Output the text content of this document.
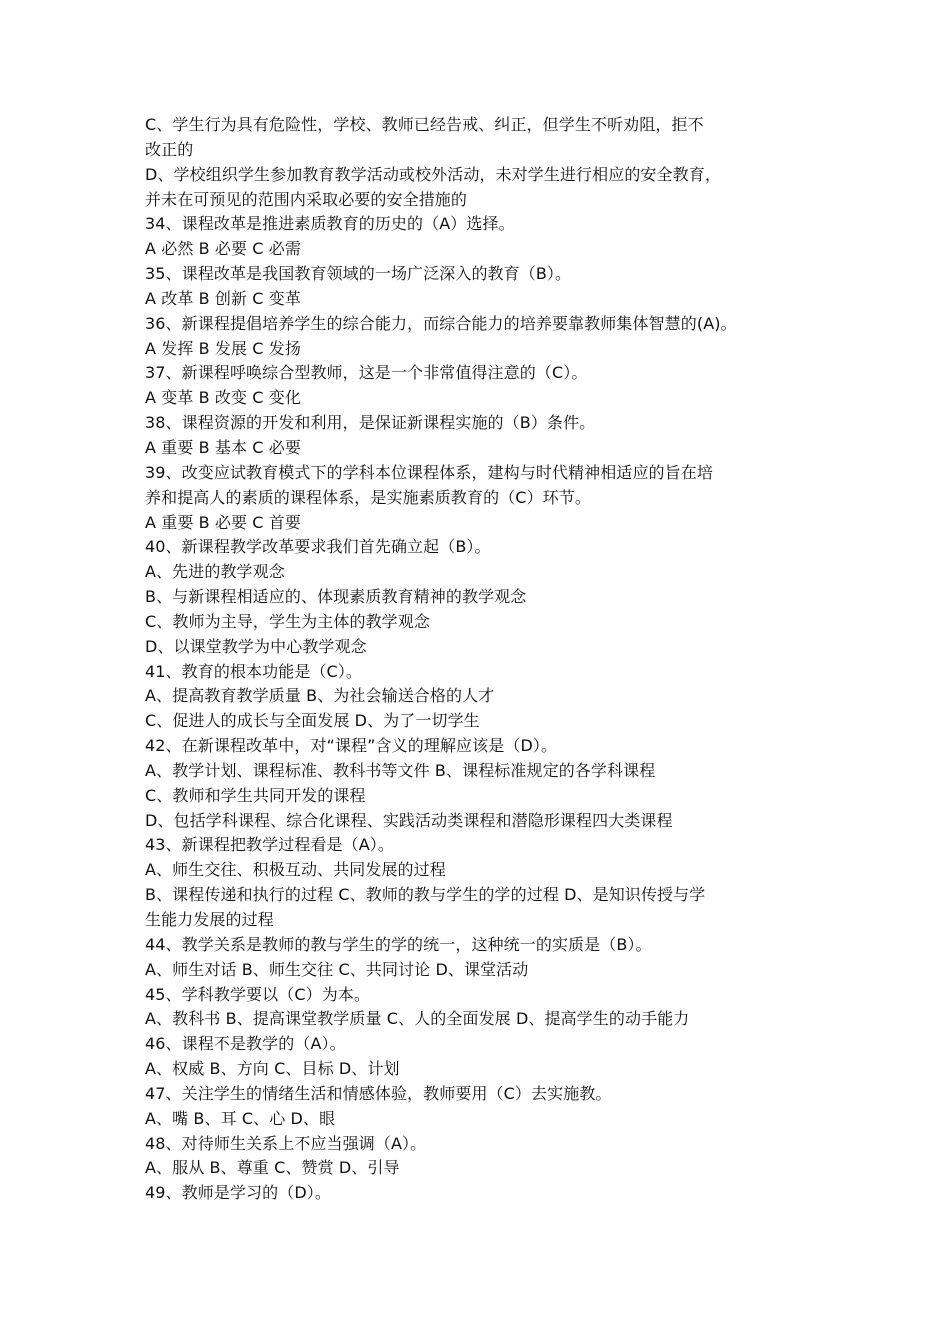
C、学生行为具有危险性，学校、教师已经告戒、纠正，但学生不听劝阻，拒不
改正的
D、学校组织学生参加教育教学活动或校外活动，未对学生进行相应的安全教育，
并未在可预见的范围内采取必要的安全措施的
34、课程改革是推进素质教育的历史的（A）选择。
A 必然 B 必要 C 必需
35、课程改革是我国教育领域的一场广泛深入的教育（B）。
A 改革 B 创新 C 变革
36、新课程提倡培养学生的综合能力，而综合能力的培养要靠教师集体智慧的(A)。
A 发挥 B 发展 C 发扬
37、新课程呼唤综合型教师，这是一个非常值得注意的（C）。
A 变革 B 改变 C 变化
38、课程资源的开发和利用，是保证新课程实施的（B）条件。
A 重要 B 基本 C 必要
39、改变应试教育模式下的学科本位课程体系，建构与时代精神相适应的旨在培
养和提高人的素质的课程体系，是实施素质教育的（C）环节。
A 重要 B 必要 C 首要
40、新课程教学改革要求我们首先确立起（B）。
A、先进的教学观念
B、与新课程相适应的、体现素质教育精神的教学观念
C、教师为主导，学生为主体的教学观念
D、以课堂教学为中心教学观念
41、教育的根本功能是（C）。
A、提高教育教学质量 B、为社会输送合格的人才
C、促进人的成长与全面发展 D、为了一切学生
42、在新课程改革中，对“课程”含义的理解应该是（D）。
A、教学计划、课程标准、教科书等文件 B、课程标准规定的各学科课程
C、教师和学生共同开发的课程
D、包括学科课程、综合化课程、实践活动类课程和潜隐形课程四大类课程
43、新课程把教学过程看是（A）。
A、师生交往、积极互动、共同发展的过程
B、课程传递和执行的过程 C、教师的教与学生的学的过程 D、是知识传授与学
生能力发展的过程
44、教学关系是教师的教与学生的学的统一，这种统一的实质是（B）。
A、师生对话 B、师生交往 C、共同讨论 D、课堂活动
45、学科教学要以（C）为本。
A、教科书 B、提高课堂教学质量 C、人的全面发展 D、提高学生的动手能力
46、课程不是教学的（A）。
A、权威 B、方向 C、目标 D、计划
47、关注学生的情绪生活和情感体验，教师要用（C）去实施教。
A、嘴 B、耳 C、心 D、眼
48、对待师生关系上不应当强调（A）。
A、服从 B、尊重 C、赞赏 D、引导
49、教师是学习的（D）。
